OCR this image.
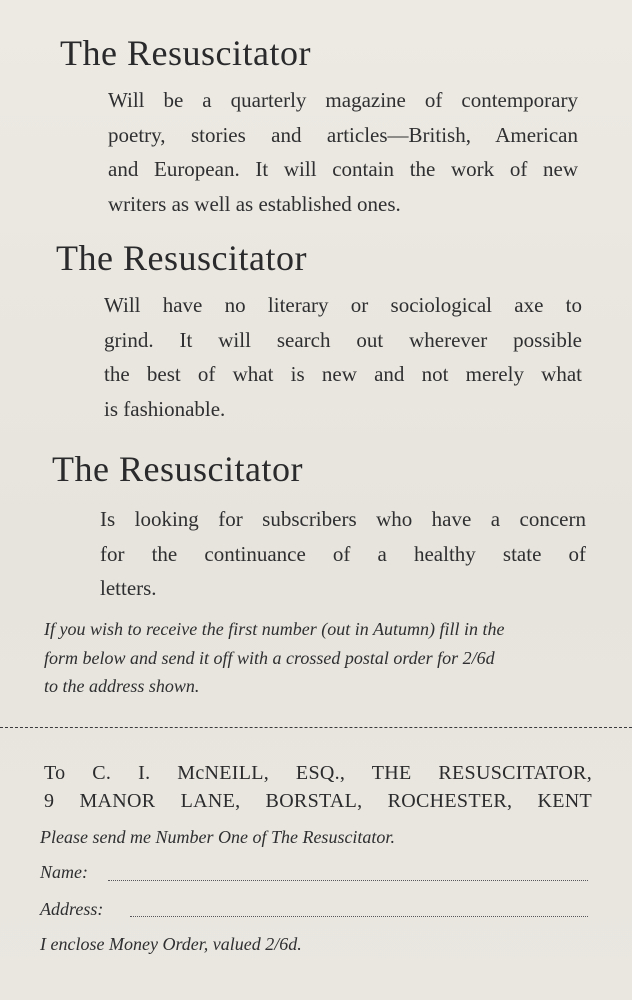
The Resuscitator
Will be a quarterly magazine of contemporary
poetry, stories and articles—British, American
and European. It will contain the work of new
writers as well as established ones.
The Resuscitator
Will have no literary or sociological axe to
grind. It will search out wherever possible
the best of what is new and not merely what
is fashionable.
The Resuscitator
Is looking for subscribers who have a concern
for the continuance of a healthy state of
letters.
If you wish to receive the first number (out in Autumn) fill in the
form below and send it off with a crossed postal order for 2/6d
to the address shown.
To C. I. McNEILL, ESQ., THE RESUSCITATOR,
9 MANOR LANE, BORSTAL, ROCHESTER, KENT
Please send me Number One of The Resuscitator.
Name:
Address:
I enclose Money Order, valued 2/6d.
